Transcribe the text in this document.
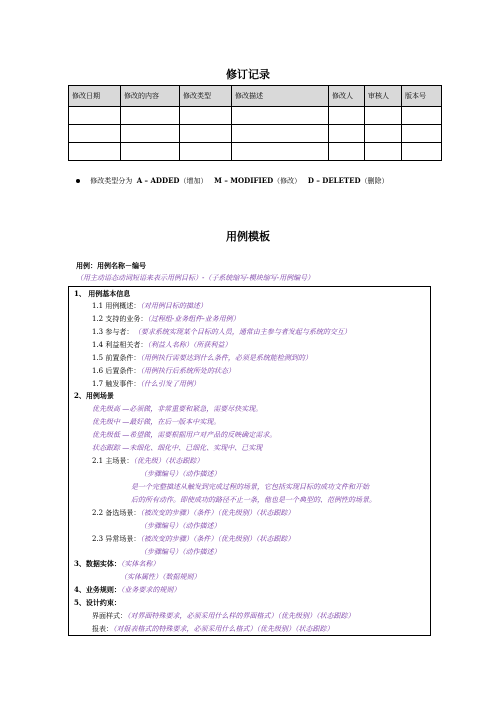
修订记录
修改日期	修改的内容	修改类型	修改描述	修改人	审核人	版本号

修改类型分为 A – ADDED（增加） M – MODIFIED（修改） D – DELETED（删除）
用例模板
用例：用例名称－编号
（用主动语态动词短语来表示用例目标）-（子系统缩写-模块缩写-用例编号）
1、 用例基本信息
1.1 用例概述：（对用例目标的描述）
1.2 支持的业务：（过程组-业务组件-业务用例）
1.3 参与者： （要求系统实现某个目标的人员，通常由主参与者发起与系统的交互）
1.4 利益相关者：（利益人名称）（所获利益）
1.5 前置条件：（用例执行需要达到什么条件，必须是系统能检测到的）
1.6 后置条件：（用例执行后系统所处的状态）
1.7 触发事件：（什么引发了用例）
2、用例场景
优先级高 —必须做，非常重要和紧急，需要尽快实现。
优先级中 —最好做，在后一版本中实现。
优先级低 —希望做，需要根据用户对产品的反映确定需求。
状态跟踪 —未细化、细化中、已细化、实现中、已实现
2.1 主场景：（优先级）（状态跟踪）
（步骤编号）（动作描述）
是一个完整描述从触发到完成过程的场景，它包括实现目标的成功文件和开始
后的所有动作。即使成功的路径不止一条，他也是一个典型的、范例性的场景。
2.2 备选场景：（被改变的步骤）（条件）（优先级别）（状态跟踪）
（步骤编号）（动作描述）
2.3 异常场景：（被改变的步骤）（条件）（优先级别）（状态跟踪）
（步骤编号）（动作描述）
3、数据实体：（实体名称）
（实体属性）（数据规则）
4、业务规则：（业务要求的规则）
5、设计约束：
界面样式：（对界面特殊要求，必须采用什么样的界面格式）（优先级别）（状态跟踪）
报表：（对报表格式的特殊要求，必须采用什么格式）（优先级别）（状态跟踪）
